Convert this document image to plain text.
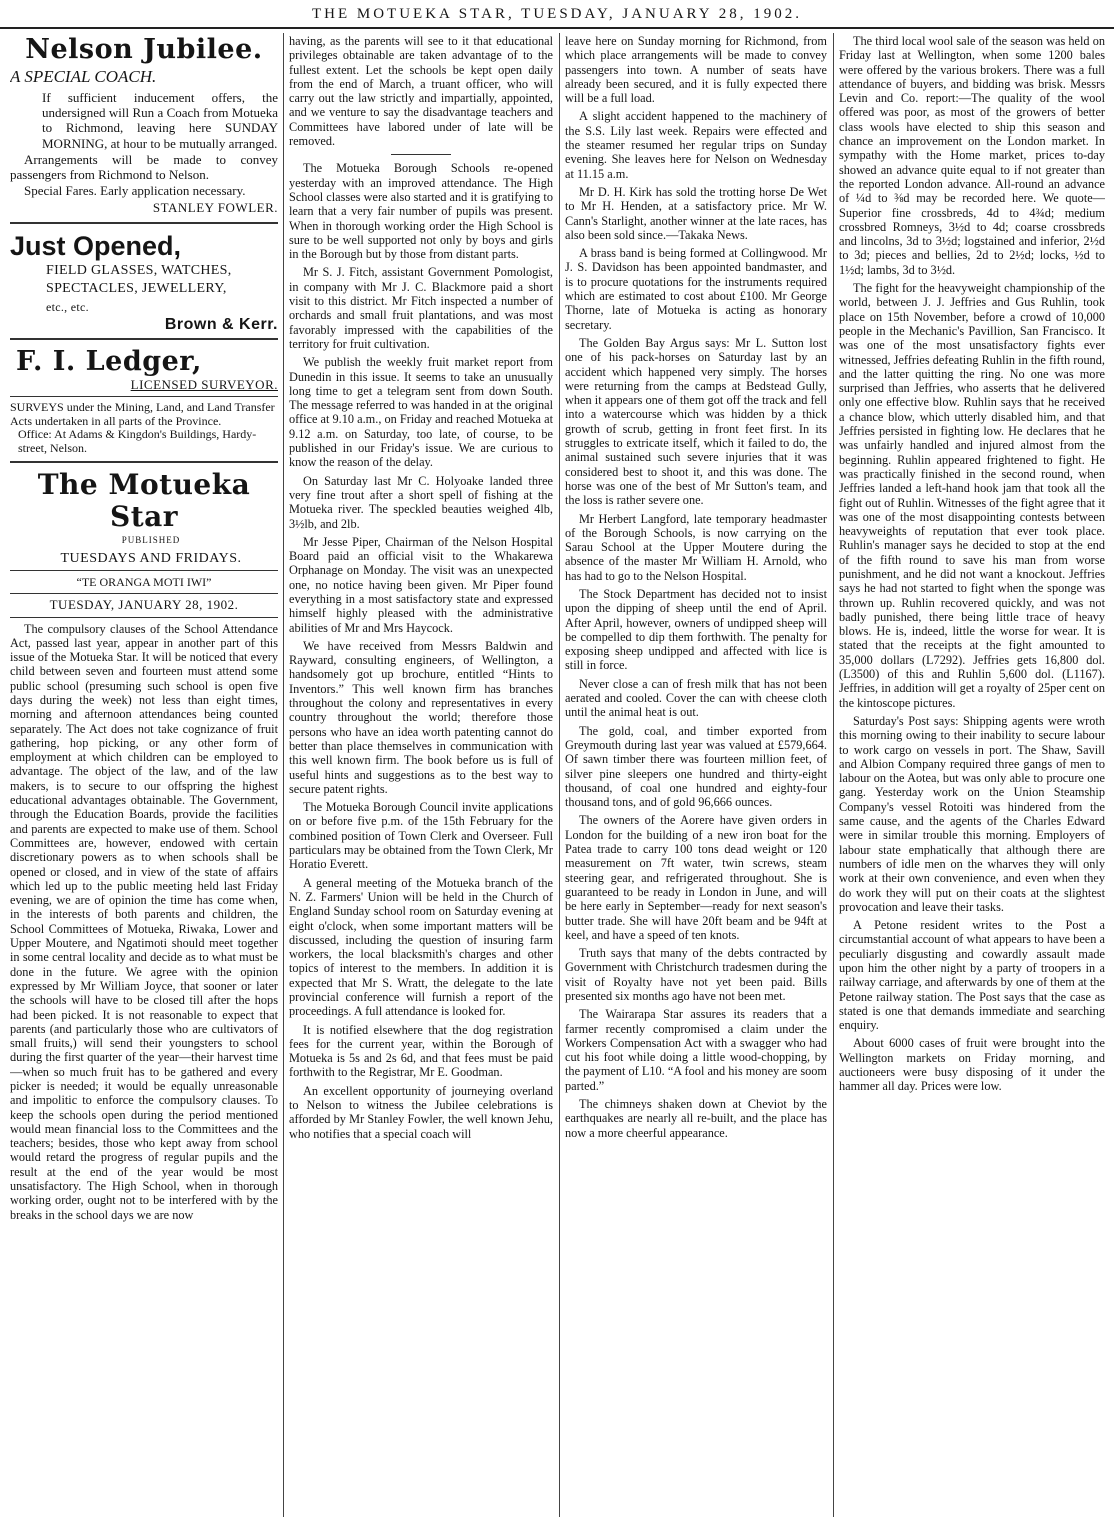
THE MOTUEKA STAR, TUESDAY, JANUARY 28, 1902.
Nelson Jubilee.
A SPECIAL COACH.

If sufficient inducement offers, the undersigned will Run a Coach from Motueka to Richmond, leaving here SUNDAY MORNING, at hour to be mutually arranged.

Arrangements will be made to convey passengers from Richmond to Nelson.

Special Fares. Early application necessary.

STANLEY FOWLER.
Just Opened,
FIELD GLASSES, WATCHES,
SPECTACLES, JEWELLERY,
etc., etc.
Brown & Kerr.
F. I. Ledger,
LICENSED SURVEYOR.
SURVEYS under the Mining, Land, and Land Transfer Acts undertaken in all parts of the Province.
Office: At Adams & Kingdon's Buildings, Hardy-street, Nelson.
The Motueka Star

PUBLISHED

TUESDAYS AND FRIDAYS.

“TE ORANGA MOTI IWI”
TUESDAY, JANUARY 28, 1902.

The compulsory clauses of the School Attendance Act, passed last year, appear in another part of this issue of the Motueka Star. It will be noticed that every child between seven and fourteen must attend some public school (presuming such school is open five days during the week) not less than eight times, morning and afternoon attendances being counted separately. The Act does not take cognizance of fruit gathering, hop picking, or any other form of employment at which children can be employed to advantage. The object of the law, and of the law makers, is to secure to our offspring the highest educational advantages obtainable. The Government, through the Education Boards, provide the facilities and parents are expected to make use of them. School Committees are, however, endowed with certain discretionary powers as to when schools shall be opened or closed, and in view of the state of affairs which led up to the public meeting held last Friday evening, we are of opinion the time has come when, in the interests of both parents and children, the School Committees of Motueka, Riwaka, Lower and Upper Moutere, and Ngatimoti should meet together in some central locality and decide as to what must be done in the future. We agree with the opinion expressed by Mr William Joyce, that sooner or later the schools will have to be closed till after the hops had been picked. It is not reasonable to expect that parents (and particularly those who are cultivators of small fruits,) will send their youngsters to school during the first quarter of the year—their harvest time—when so much fruit has to be gathered and every picker is needed; it would be equally unreasonable and impolitic to enforce the compulsory clauses. To keep the schools open during the period mentioned would mean financial loss to the Committees and the teachers; besides, those who kept away from school would retard the progress of regular pupils and the result at the end of the year would be most unsatisfactory. The High School, when in thorough working order, ought not to be interfered with by the breaks in the school days we are now

having, as the parents will see to it that educational privileges obtainable are taken advantage of to the fullest extent. Let the schools be kept open daily from the end of March, a truant officer, who will carry out the law strictly and impartially, appointed, and we venture to say the disadvantage teachers and Committees have labored under of late will be removed.

The Motueka Borough Schools re-opened yesterday with an improved attendance. The High School classes were also started and it is gratifying to learn that a very fair number of pupils was present. When in thorough working order the High School is sure to be well supported not only by boys and girls in the Borough but by those from distant parts.

Mr S. J. Fitch, assistant Government Pomologist, in company with Mr J. C. Blackmore paid a short visit to this district. Mr Fitch inspected a number of orchards and small fruit plantations, and was most favorably impressed with the capabilities of the territory for fruit cultivation.

We publish the weekly fruit market report from Dunedin in this issue. It seems to take an unusually long time to get a telegram sent from down South. The message referred to was handed in at the original office at 9.10 a.m., on Friday and reached Motueka at 9.12 a.m. on Saturday, too late, of course, to be published in our Friday's issue. We are curious to know the reason of the delay.

On Saturday last Mr C. Holyoake landed three very fine trout after a short spell of fishing at the Motueka river. The speckled beauties weighed 4lb, 3½lb, and 2lb.

Mr Jesse Piper, Chairman of the Nelson Hospital Board paid an official visit to the Whakarewa Orphanage on Monday. The visit was an unexpected one, no notice having been given. Mr Piper found everything in a most satisfactory state and expressed himself highly pleased with the administrative abilities of Mr and Mrs Haycock.

We have received from Messrs Baldwin and Rayward, consulting engineers, of Wellington, a handsomely got up brochure, entitled “Hints to Inventors.” This well known firm has branches throughout the colony and representatives in every country throughout the world; therefore those persons who have an idea worth patenting cannot do better than place themselves in communication with this well known firm. The book before us is full of useful hints and suggestions as to the best way to secure patent rights.

The Motueka Borough Council invite applications on or before five p.m. of the 15th February for the combined position of Town Clerk and Overseer. Full particulars may be obtained from the Town Clerk, Mr Horatio Everett.

A general meeting of the Motueka branch of the N. Z. Farmers' Union will be held in the Church of England Sunday school room on Saturday evening at eight o'clock, when some important matters will be discussed, including the question of insuring farm workers, the local blacksmith's charges and other topics of interest to the members. In addition it is expected that Mr S. Wratt, the delegate to the late provincial conference will furnish a report of the proceedings. A full attendance is looked for.

It is notified elsewhere that the dog registration fees for the current year, within the Borough of Motueka is 5s and 2s 6d, and that fees must be paid forthwith to the Registrar, Mr E. Goodman.

An excellent opportunity of journeying overland to Nelson to witness the Jubilee celebrations is afforded by Mr Stanley Fowler, the well known Jehu, who notifies that a special coach will

leave here on Sunday morning for Richmond, from which place arrangements will be made to convey passengers into town. A number of seats have already been secured, and it is fully expected there will be a full load.

A slight accident happened to the machinery of the S.S. Lily last week. Repairs were effected and the steamer resumed her regular trips on Sunday evening. She leaves here for Nelson on Wednesday at 11.15 a.m.

Mr D. H. Kirk has sold the trotting horse De Wet to Mr H. Henden, at a satisfactory price. Mr W. Cann's Starlight, another winner at the late races, has also been sold since.—Takaka News.

A brass band is being formed at Collingwood. Mr J. S. Davidson has been appointed bandmaster, and is to procure quotations for the instruments required which are estimated to cost about £100. Mr George Thorne, late of Motueka is acting as honorary secretary.

The Golden Bay Argus says: Mr L. Sutton lost one of his pack-horses on Saturday last by an accident which happened very simply. The horses were returning from the camps at Bedstead Gully, when it appears one of them got off the track and fell into a watercourse which was hidden by a thick growth of scrub, getting in front feet first. In its struggles to extricate itself, which it failed to do, the animal sustained such severe injuries that it was considered best to shoot it, and this was done. The horse was one of the best of Mr Sutton's team, and the loss is rather severe one.

Mr Herbert Langford, late temporary headmaster of the Borough Schools, is now carrying on the Sarau School at the Upper Moutere during the absence of the master Mr William H. Arnold, who has had to go to the Nelson Hospital.

The Stock Department has decided not to insist upon the dipping of sheep until the end of April. After April, however, owners of undipped sheep will be compelled to dip them forthwith. The penalty for exposing sheep undipped and affected with lice is still in force.

Never close a can of fresh milk that has not been aerated and cooled. Cover the can with cheese cloth until the animal heat is out.

The gold, coal, and timber exported from Greymouth during last year was valued at £579,664. Of sawn timber there was fourteen million feet, of silver pine sleepers one hundred and thirty-eight thousand, of coal one hundred and eighty-four thousand tons, and of gold 96,666 ounces.

The owners of the Aorere have given orders in London for the building of a new iron boat for the Patea trade to carry 100 tons dead weight or 120 measurement on 7ft water, twin screws, steam steering gear, and refrigerated throughout. She is guaranteed to be ready in London in June, and will be here early in September—ready for next season's butter trade. She will have 20ft beam and be 94ft at keel, and have a speed of ten knots.

Truth says that many of the debts contracted by Government with Christchurch tradesmen during the visit of Royalty have not yet been paid. Bills presented six months ago have not been met.

The Wairarapa Star assures its readers that a farmer recently compromised a claim under the Workers Compensation Act with a swagger who had cut his foot while doing a little wood-chopping, by the payment of L10. “A fool and his money are soom parted.”

The chimneys shaken down at Cheviot by the earthquakes are nearly all re-built, and the place has now a more cheerful appearance.

The third local wool sale of the season was held on Friday last at Wellington, when some 1200 bales were offered by the various brokers. There was a full attendance of buyers, and bidding was brisk. Messrs Levin and Co. report:—The quality of the wool offered was poor, as most of the growers of better class wools have elected to ship this season and chance an improvement on the London market. In sympathy with the Home market, prices to-day showed an advance quite equal to if not greater than the reported London advance. All-round an advance of ¼d to ⅜d may be recorded here. We quote—Superior fine crossbreds, 4d to 4¾d; medium crossbred Romneys, 3½d to 4d; coarse crossbreds and lincolns, 3d to 3½d; logstained and inferior, 2½d to 3d; pieces and bellies, 2d to 2½d; locks, ½d to 1½d; lambs, 3d to 3½d.

The fight for the heavyweight championship of the world, between J. J. Jeffries and Gus Ruhlin, took place on 15th November, before a crowd of 10,000 people in the Mechanic's Pavillion, San Francisco. It was one of the most unsatisfactory fights ever witnessed, Jeffries defeating Ruhlin in the fifth round, and the latter quitting the ring. No one was more surprised than Jeffries, who asserts that he delivered only one effective blow. Ruhlin says that he received a chance blow, which utterly disabled him, and that Jeffries persisted in fighting low. He declares that he was unfairly handled and injured almost from the beginning. Ruhlin appeared frightened to fight. He was practically finished in the second round, when Jeffries landed a left-hand hook jam that took all the fight out of Ruhlin. Witnesses of the fight agree that it was one of the most disappointing contests between heavyweights of reputation that ever took place. Ruhlin's manager says he decided to stop at the end of the fifth round to save his man from worse punishment, and he did not want a knockout. Jeffries says he had not started to fight when the sponge was thrown up. Ruhlin recovered quickly, and was not badly punished, there being little trace of heavy blows. He is, indeed, little the worse for wear. It is stated that the receipts at the fight amounted to 35,000 dollars (L7292). Jeffries gets 16,800 dol. (L3500) of this and Ruhlin 5,600 dol. (L1167). Jeffries, in addition will get a royalty of 25per cent on the kintoscope pictures.

Saturday's Post says: Shipping agents were wroth this morning owing to their inability to secure labour to work cargo on vessels in port. The Shaw, Savill and Albion Company required three gangs of men to labour on the Aotea, but was only able to procure one gang. Yesterday work on the Union Steamship Company's vessel Rotoiti was hindered from the same cause, and the agents of the Charles Edward were in similar trouble this morning. Employers of labour state emphatically that although there are numbers of idle men on the wharves they will only work at their own convenience, and even when they do work they will put on their coats at the slightest provocation and leave their tasks.

A Petone resident writes to the Post a circumstantial account of what appears to have been a peculiarly disgusting and cowardly assault made upon him the other night by a party of troopers in a railway carriage, and afterwards by one of them at the Petone railway station. The Post says that the case as stated is one that demands immediate and searching enquiry.

About 6000 cases of fruit were brought into the Wellington markets on Friday morning, and auctioneers were busy disposing of it under the hammer all day. Prices were low.
